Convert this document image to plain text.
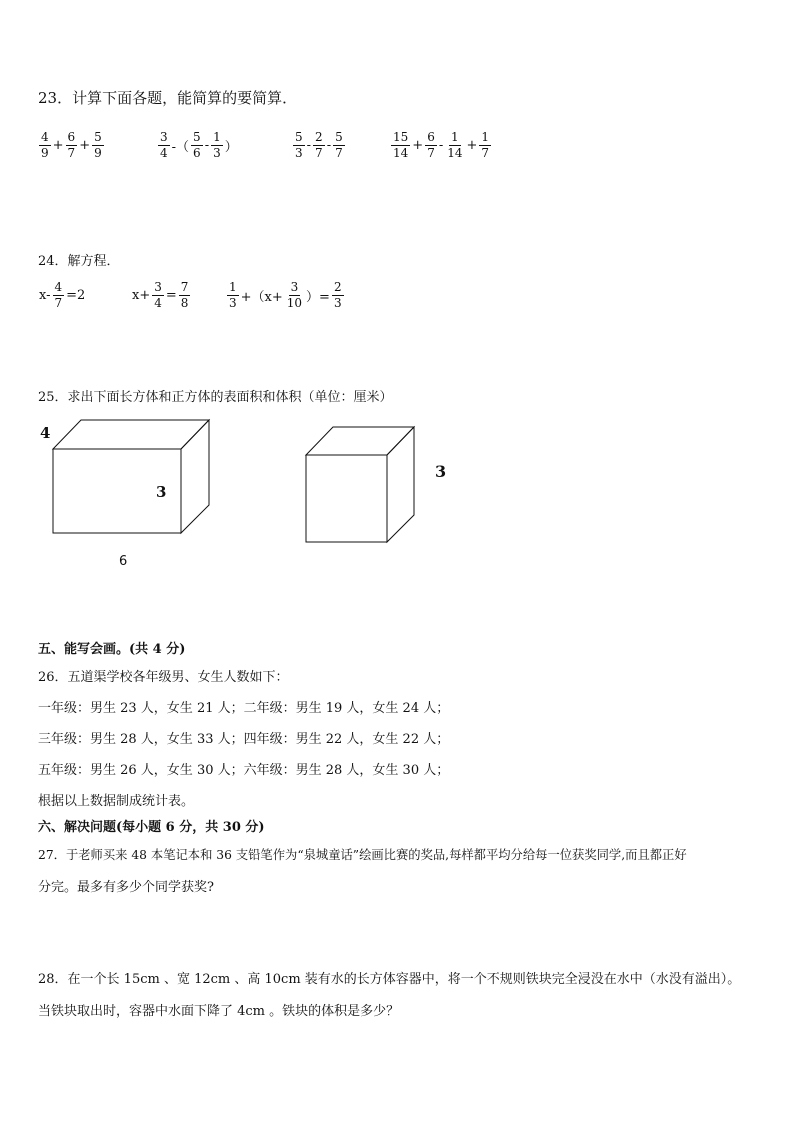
23．计算下面各题，能简算的要简算．
$\frac{4}{9} + \frac{6}{7} + \frac{5}{9}$	$\frac{3}{4}$ -（ $\frac{5}{6} - \frac{1}{3}$ ）	$\frac{5}{3} - \frac{2}{7} - \frac{5}{7}$	$\frac{15}{14} + \frac{6}{7} - \frac{1}{14} + \frac{1}{7}$
24．解方程．
$x- \frac{4}{7} =2$	$x+ \frac{3}{4} = \frac{7}{8}$	$\frac{1}{3} +(x+ \frac{3}{10}$ ）= $\frac{2}{3}$
25．求出下面长方体和正方体的表面积和体积（单位：厘米）
4
3
6
3
五、能写会画。(共 4 分)
26．五道渠学校各年级男、女生人数如下：
一年级：男生 23 人，女生 21 人；二年级：男生 19 人，女生 24 人；
三年级：男生 28 人，女生 33 人；四年级：男生 22 人，女生 22 人；
五年级：男生 26 人，女生 30 人；六年级：男生 28 人，女生 30 人；
根据以上数据制成统计表。
六、解决问题(每小题 6 分，共 30 分)
27．于老师买来 48 本笔记本和 36 支铅笔作为“泉城童话”绘画比赛的奖品,每样都平均分给每一位获奖同学,而且都正好
分完。最多有多少个同学获奖?
28．在一个长 15cm 、宽 12cm 、高 10cm 装有水的长方体容器中，将一个不规则铁块完全浸没在水中（水没有溢出）。
当铁块取出时，容器中水面下降了 4cm 。铁块的体积是多少？
